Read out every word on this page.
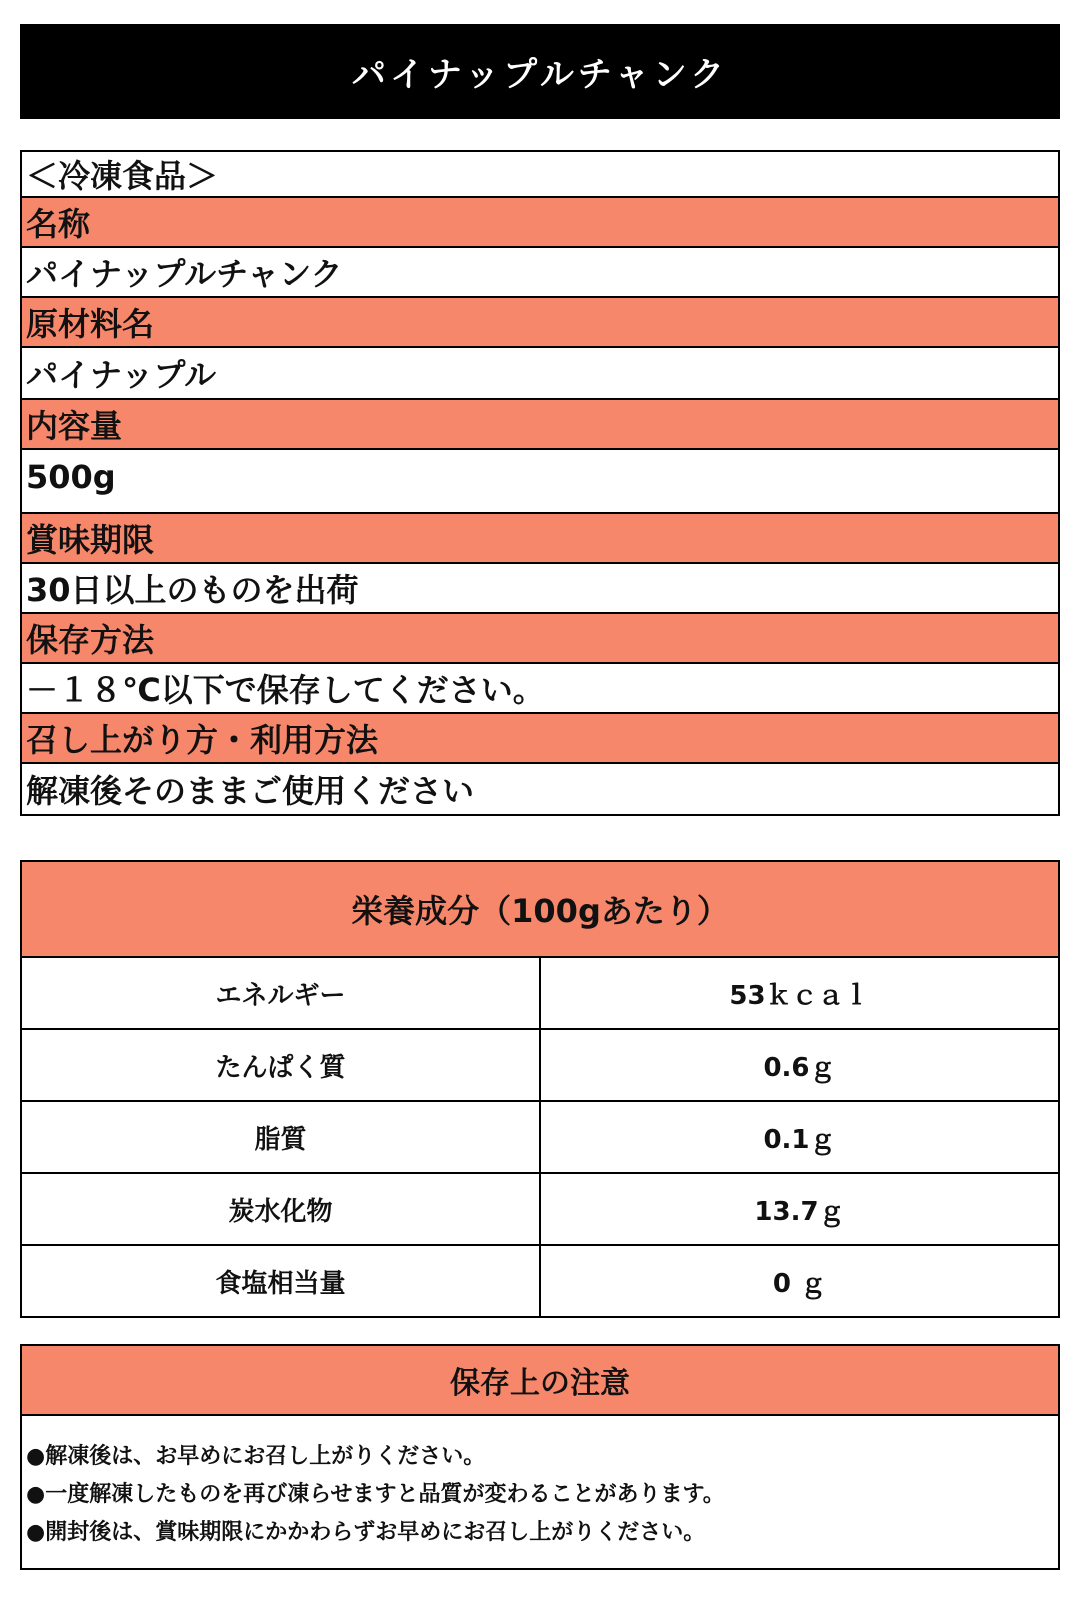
パイナップルチャンク
＜冷凍食品＞
名称
パイナップルチャンク
原材料名
パイナップル
内容量
500g
賞味期限
30日以上のものを出荷
保存方法
－１８℃以下で保存してください。
召し上がり方・利用方法
解凍後そのままご使用ください
栄養成分（100gあたり）
エネルギー	53ｋｃａｌ
たんぱく質	0.6ｇ
脂質	0.1ｇ
炭水化物	13.7ｇ
食塩相当量	0 ｇ
保存上の注意
●解凍後は、お早めにお召し上がりください。
●一度解凍したものを再び凍らせますと品質が変わることがあります。
●開封後は、賞味期限にかかわらずお早めにお召し上がりください。
